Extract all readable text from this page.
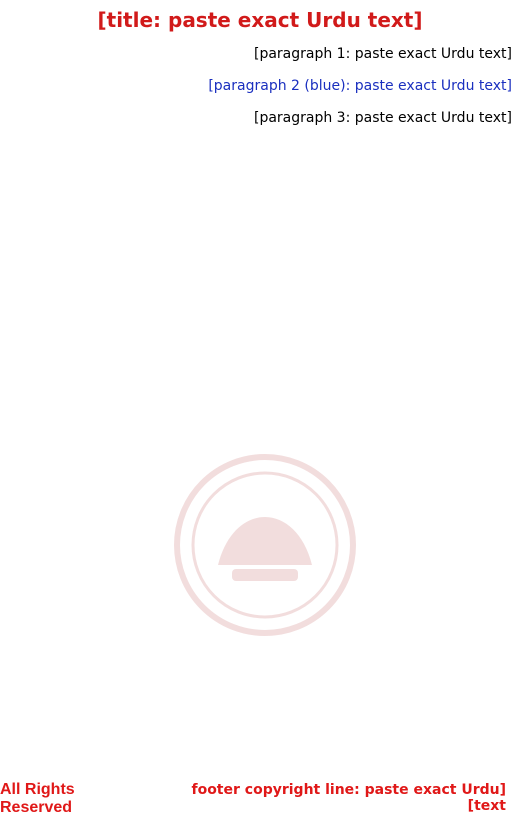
[title: paste exact Urdu text]

[paragraph 1: paste exact Urdu text]

[paragraph 2 (blue): paste exact Urdu text]

[paragraph 3: paste exact Urdu text]

All Rights Reserved
[footer copyright line: paste exact Urdu text]
